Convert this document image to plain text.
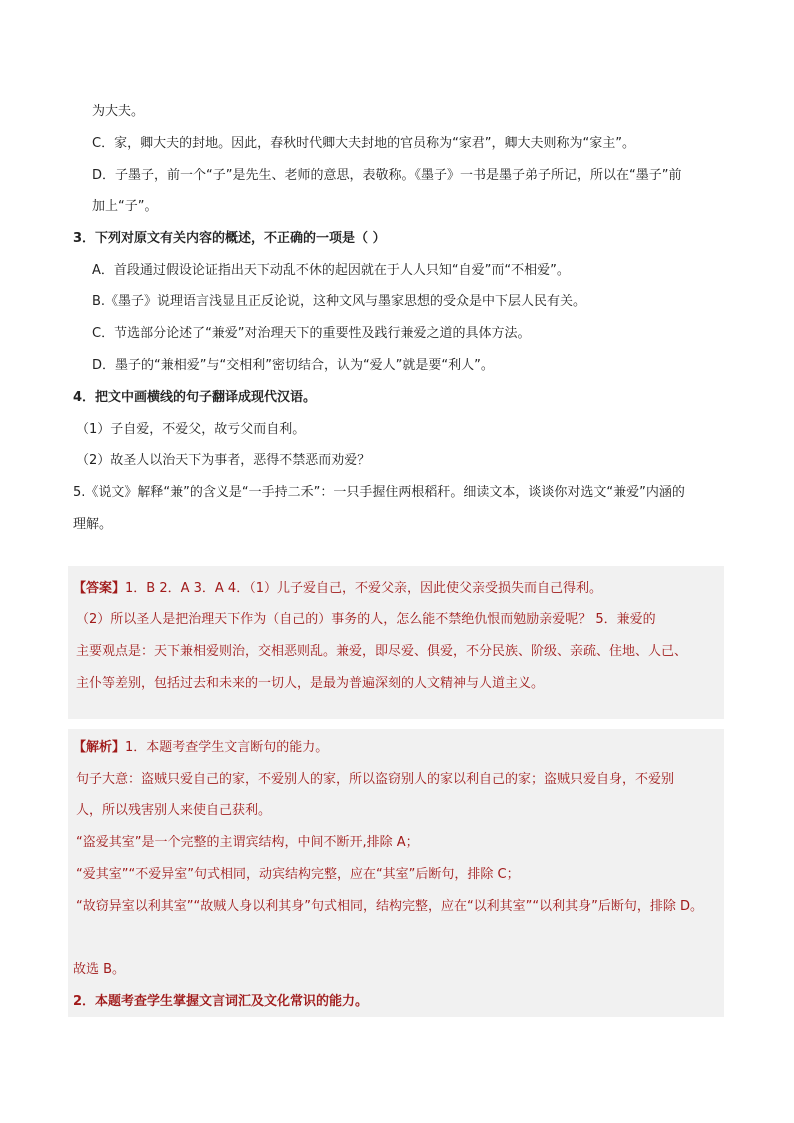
为大夫。
C．家，卿大夫的封地。因此，春秋时代卿大夫封地的官员称为“家君”，卿大夫则称为“家主”。
D．子墨子，前一个“子”是先生、老师的意思，表敬称。《墨子》一书是墨子弟子所记，所以在“墨子”前
加上“子”。
3．下列对原文有关内容的概述，不正确的一项是（ ）
A．首段通过假设论证指出天下动乱不休的起因就在于人人只知“自爱”而“不相爱”。
B.《墨子》说理语言浅显且正反论说，这种文风与墨家思想的受众是中下层人民有关。
C．节选部分论述了“兼爱”对治理天下的重要性及践行兼爱之道的具体方法。
D．墨子的“兼相爱”与“交相利”密切结合，认为“爱人”就是要“利人”。
4．把文中画横线的句子翻译成现代汉语。
（1）子自爱，不爱父，故亏父而自利。
（2）故圣人以治天下为事者，恶得不禁恶而劝爱？
5.《说文》解释“兼”的含义是“一手持二禾”：一只手握住两根稻秆。细读文本，谈谈你对选文“兼爱”内涵的
理解。
【答案】1．B 2．A 3．A 4．（1）儿子爱自己，不爱父亲，因此使父亲受损失而自己得利。
（2）所以圣人是把治理天下作为（自己的）事务的人，怎么能不禁绝仇恨而勉励亲爱呢？ 5．兼爱的
主要观点是：天下兼相爱则治，交相恶则乱。兼爱，即尽爱、俱爱，不分民族、阶级、亲疏、住地、人己、
主仆等差别，包括过去和未来的一切人，是最为普遍深刻的人文精神与人道主义。
【解析】1．本题考查学生文言断句的能力。
句子大意：盗贼只爱自己的家，不爱别人的家，所以盗窃别人的家以利自己的家；盗贼只爱自身，不爱别
人，所以残害别人来使自己获利。
“盗爱其室”是一个完整的主谓宾结构，中间不断开,排除 A；
“爱其室”“不爱异室”句式相同，动宾结构完整，应在“其室”后断句，排除 C；
“故窃异室以利其室”“故贼人身以利其身”句式相同，结构完整，应在“以利其室”“以利其身”后断句，排除 D。
故选 B。
2．本题考查学生掌握文言词汇及文化常识的能力。
